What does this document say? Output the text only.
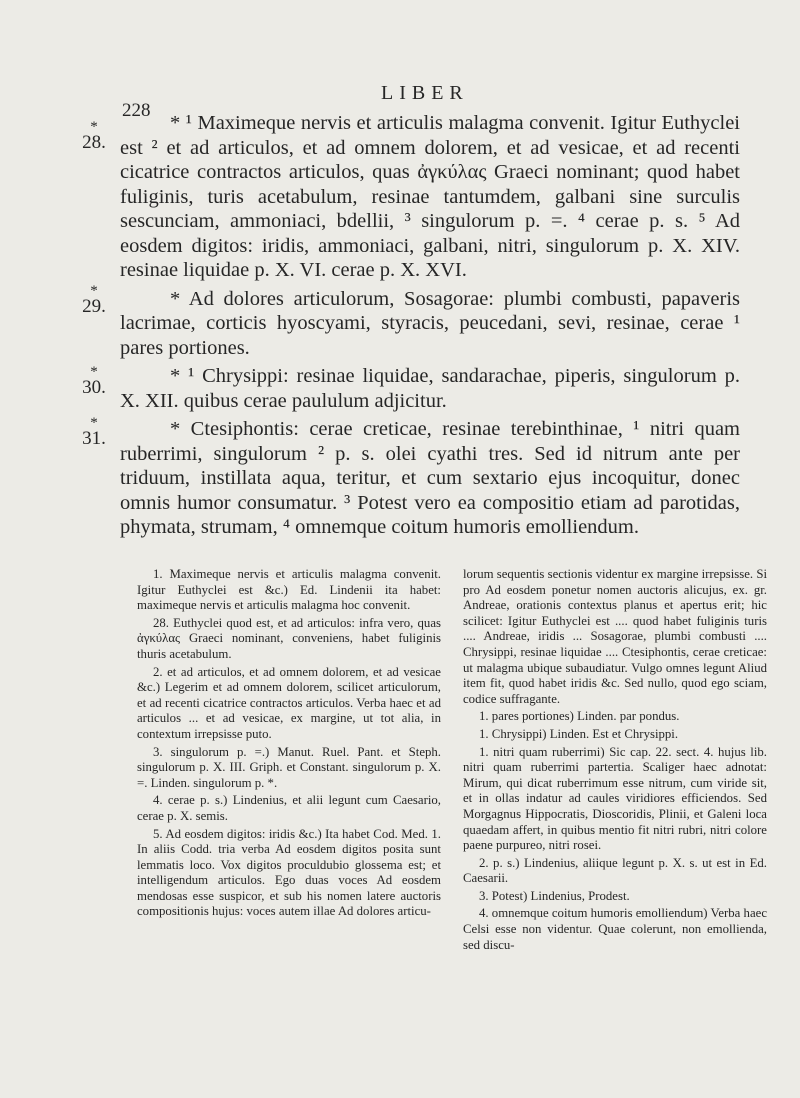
LIBER
228
*
28.

* ¹ Maximeque nervis et articulis malagma convenit. Igitur Euthyclei est ² et ad articulos, et ad omnem dolorem, et ad vesicae, et ad recenti cicatrice contractos articulos, quas ἀγκύλας Graeci nominant; quod habet fuliginis, turis acetabulum, resinae tantumdem, galbani sine surculis sescunciam, ammoniaci, bdellii, ³ singulorum p. =. ⁴ cerae p. s. ⁵ Ad eosdem digitos: iridis, ammoniaci, galbani, nitri, singulorum p. X. XIV. resinae liquidae p. X. VI. cerae p. X. XVI.

*
29.	* Ad dolores articulorum, Sosagorae: plumbi combusti, papaveris lacrimae, corticis hyoscyami, styracis, peucedani, sevi, resinae, cerae ¹ pares portiones.

*
30.

* ¹ Chrysippi: resinae liquidae, sandarachae, piperis, singulorum p. X. XII. quibus cerae paululum adjicitur.

*
31.	* Ctesiphontis: cerae creticae, resinae terebinthinae, ¹ nitri quam ruberrimi, singulorum ² p. s. olei cyathi tres. Sed id nitrum ante per triduum, instillata aqua, teritur, et cum sextario ejus incoquitur, donec omnis humor consumatur. ³ Potest vero ea compositio etiam ad parotidas, phymata, strumam, ⁴ omnemque coitum humoris emolliendum.

1. Maximeque nervis et articulis malagma convenit. Igitur Euthyclei est &c.) Ed. Lindenii ita habet: maximeque nervis et articulis malagma hoc convenit.

28. Euthyclei quod est, et ad articulos: infra vero, quas ἀγκύλας Graeci nominant, conveniens, habet fuliginis thuris acetabulum.

2. et ad articulos, et ad omnem dolorem, et ad vesicae &c.) Legerim et ad omnem dolorem, scilicet articulorum, et ad recenti cicatrice contractos articulos. Verba haec et ad articulos ... et ad vesicae, ex margine, ut tot alia, in contextum irrepsisse puto.

3. singulorum p. =.) Manut. Ruel. Pant. et Steph. singulorum p. X. III. Griph. et Constant. singulorum p. X. =. Linden. singulorum p. *.

4. cerae p. s.) Lindenius, et alii legunt cum Caesario, cerae p. X. semis.

5. Ad eosdem digitos: iridis &c.) Ita habet Cod. Med. 1. In aliis Codd. tria verba Ad eosdem digitos posita sunt lemmatis loco. Vox digitos proculdubio glossema est; et intelligendum articulos. Ego duas voces Ad eosdem mendosas esse suspicor, et sub his nomen latere auctoris compositionis hujus: voces autem illae Ad dolores articu-

lorum sequentis sectionis videntur ex margine irrepsisse. Si pro Ad eosdem ponetur nomen auctoris alicujus, ex. gr. Andreae, orationis contextus planus et apertus erit; hic scilicet: Igitur Euthyclei est .... quod habet fuliginis turis .... Andreae, iridis ... Sosagorae, plumbi combusti .... Chrysippi, resinae liquidae .... Ctesiphontis, cerae creticae: ut malagma ubique subaudiatur. Vulgo omnes legunt Aliud item fit, quod habet iridis &c. Sed nullo, quod ego sciam, codice suffragante.

1. pares portiones) Linden. par pondus.

1. Chrysippi) Linden. Est et Chrysippi.

1. nitri quam ruberrimi) Sic cap. 22. sect. 4. hujus lib. nitri quam ruberrimi partertia. Scaliger haec adnotat: Mirum, qui dicat ruberrimum esse nitrum, cum viride sit, et in ollas indatur ad caules viridiores efficiendos. Sed Morgagnus Hippocratis, Dioscoridis, Plinii, et Galeni loca quaedam affert, in quibus mentio fit nitri rubri, nitri colore paene purpureo, nitri rosei.

2. p. s.) Lindenius, aliique legunt p. X. s. ut est in Ed. Caesarii.

3. Potest) Lindenius, Prodest.

4. omnemque coitum humoris emolliendum) Verba haec Celsi esse non videntur. Quae colerunt, non emollienda, sed discu-
